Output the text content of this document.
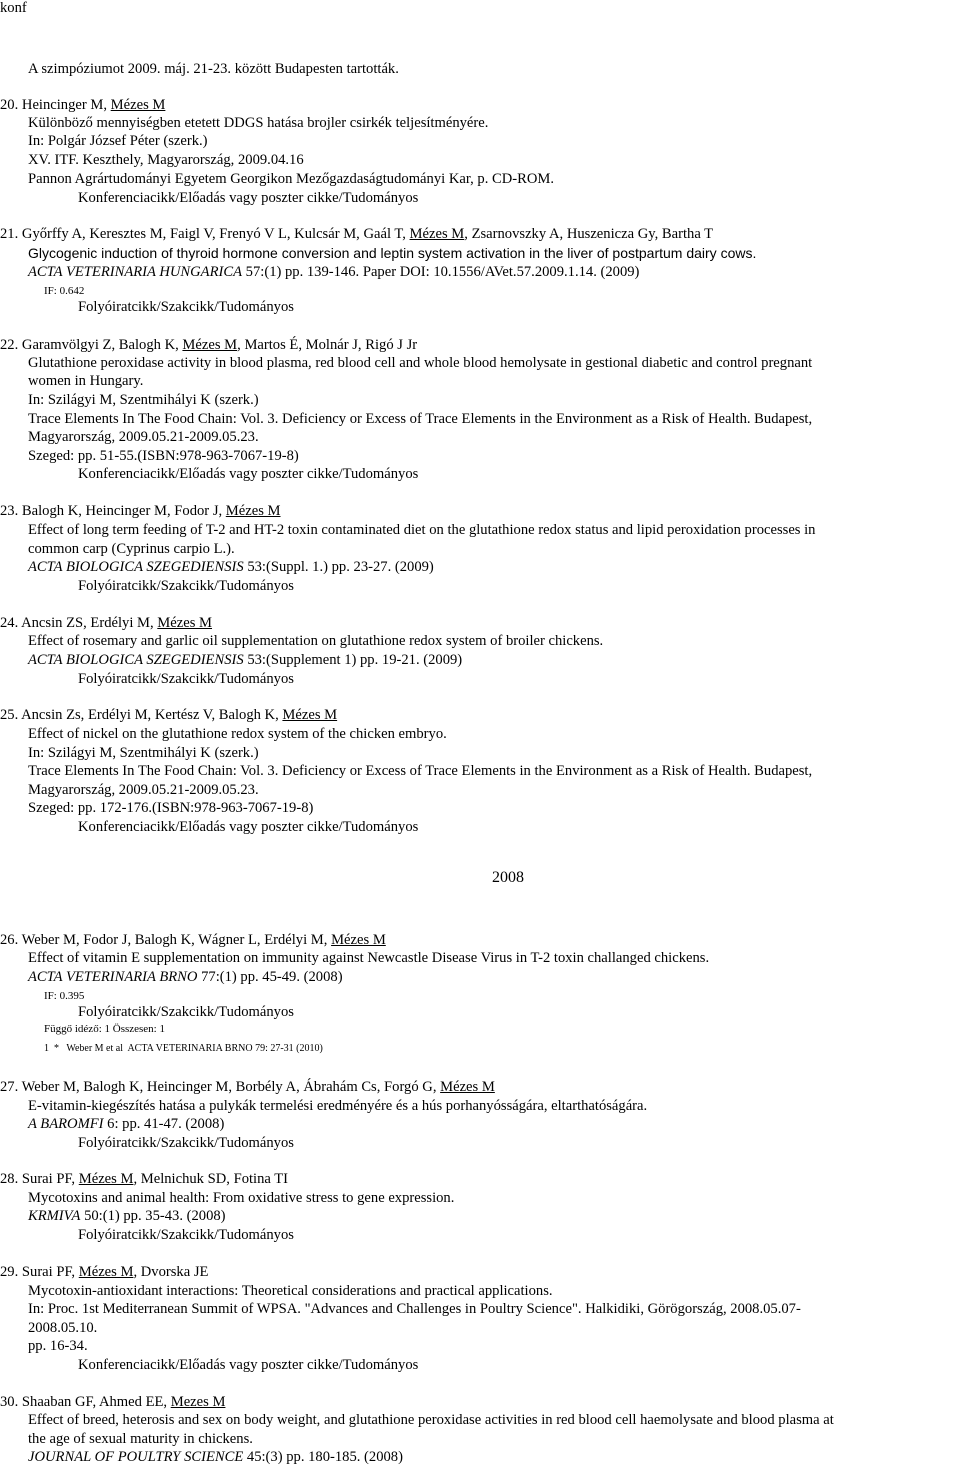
konf
A szimpóziumot 2009. máj. 21-23. között Budapesten tartották.
20. Heincinger M, Mézes M
Különböző mennyiségben etetett DDGS hatása brojler csirkék teljesítményére.
In: Polgár József Péter (szerk.)
XV. ITF. Keszthely, Magyarország, 2009.04.16
Pannon Agrártudományi Egyetem Georgikon Mezőgazdaságtudományi Kar, p. CD-ROM.
Konferenciacikk/Előadás vagy poszter cikke/Tudományos
21. Győrffy A, Keresztes M, Faigl V, Frenyó V L, Kulcsár M, Gaál T, Mézes M, Zsarnovszky A, Huszenicza Gy, Bartha T
Glycogenic induction of thyroid hormone conversion and leptin system activation in the liver of postpartum dairy cows.
ACTA VETERINARIA HUNGARICA 57:(1) pp. 139-146. Paper DOI: 10.1556/AVet.57.2009.1.14. (2009)
IF: 0.642
Folyóiratcikk/Szakcikk/Tudományos
22. Garamvölgyi Z, Balogh K, Mézes M, Martos É, Molnár J, Rigó J Jr
Glutathione peroxidase activity in blood plasma, red blood cell and whole blood hemolysate in gestional diabetic and control pregnant
women in Hungary.
In: Szilágyi M, Szentmihályi K (szerk.)
Trace Elements In The Food Chain: Vol. 3. Deficiency or Excess of Trace Elements in the Environment as a Risk of Health. Budapest,
Magyarország, 2009.05.21-2009.05.23.
Szeged: pp. 51-55.(ISBN:978-963-7067-19-8)
Konferenciacikk/Előadás vagy poszter cikke/Tudományos
23. Balogh K, Heincinger M, Fodor J, Mézes M
Effect of long term feeding of T-2 and HT-2 toxin contaminated diet on the glutathione redox status and lipid peroxidation processes in
common carp (Cyprinus carpio L.).
ACTA BIOLOGICA SZEGEDIENSIS 53:(Suppl. 1.) pp. 23-27. (2009)
Folyóiratcikk/Szakcikk/Tudományos
24. Ancsin ZS, Erdélyi M, Mézes M
Effect of rosemary and garlic oil supplementation on glutathione redox system of broiler chickens.
ACTA BIOLOGICA SZEGEDIENSIS 53:(Supplement 1) pp. 19-21. (2009)
Folyóiratcikk/Szakcikk/Tudományos
25. Ancsin Zs, Erdélyi M, Kertész V, Balogh K, Mézes M
Effect of nickel on the glutathione redox system of the chicken embryo.
In: Szilágyi M, Szentmihályi K (szerk.)
Trace Elements In The Food Chain: Vol. 3. Deficiency or Excess of Trace Elements in the Environment as a Risk of Health. Budapest,
Magyarország, 2009.05.21-2009.05.23.
Szeged: pp. 172-176.(ISBN:978-963-7067-19-8)
Konferenciacikk/Előadás vagy poszter cikke/Tudományos
2008
26. Weber M, Fodor J, Balogh K, Wágner L, Erdélyi M, Mézes M
Effect of vitamin E supplementation on immunity against Newcastle Disease Virus in T-2 toxin challanged chickens.
ACTA VETERINARIA BRNO 77:(1) pp. 45-49. (2008)
IF: 0.395
Folyóiratcikk/Szakcikk/Tudományos
Függő idéző: 1 Összesen: 1
1  *   Weber M et al  ACTA VETERINARIA BRNO 79: 27-31 (2010)
27. Weber M, Balogh K, Heincinger M, Borbély A, Ábrahám Cs, Forgó G, Mézes M
E-vitamin-kiegészítés hatása a pulykák termelési eredményére és a hús porhanyósságára, eltarthatóságára.
A BAROMFI 6: pp. 41-47. (2008)
Folyóiratcikk/Szakcikk/Tudományos
28. Surai PF, Mézes M, Melnichuk SD, Fotina TI
Mycotoxins and animal health: From oxidative stress to gene expression.
KRMIVA 50:(1) pp. 35-43. (2008)
Folyóiratcikk/Szakcikk/Tudományos
29. Surai PF, Mézes M, Dvorska JE
Mycotoxin-antioxidant interactions: Theoretical considerations and practical applications.
In: Proc. 1st Mediterranean Summit of WPSA. "Advances and Challenges in Poultry Science". Halkidiki, Görögország, 2008.05.07-
2008.05.10.
pp. 16-34.
Konferenciacikk/Előadás vagy poszter cikke/Tudományos
30. Shaaban GF, Ahmed EE, Mezes M
Effect of breed, heterosis and sex on body weight, and glutathione peroxidase activities in red blood cell haemolysate and blood plasma at
the age of sexual maturity in chickens.
JOURNAL OF POULTRY SCIENCE 45:(3) pp. 180-185. (2008)
